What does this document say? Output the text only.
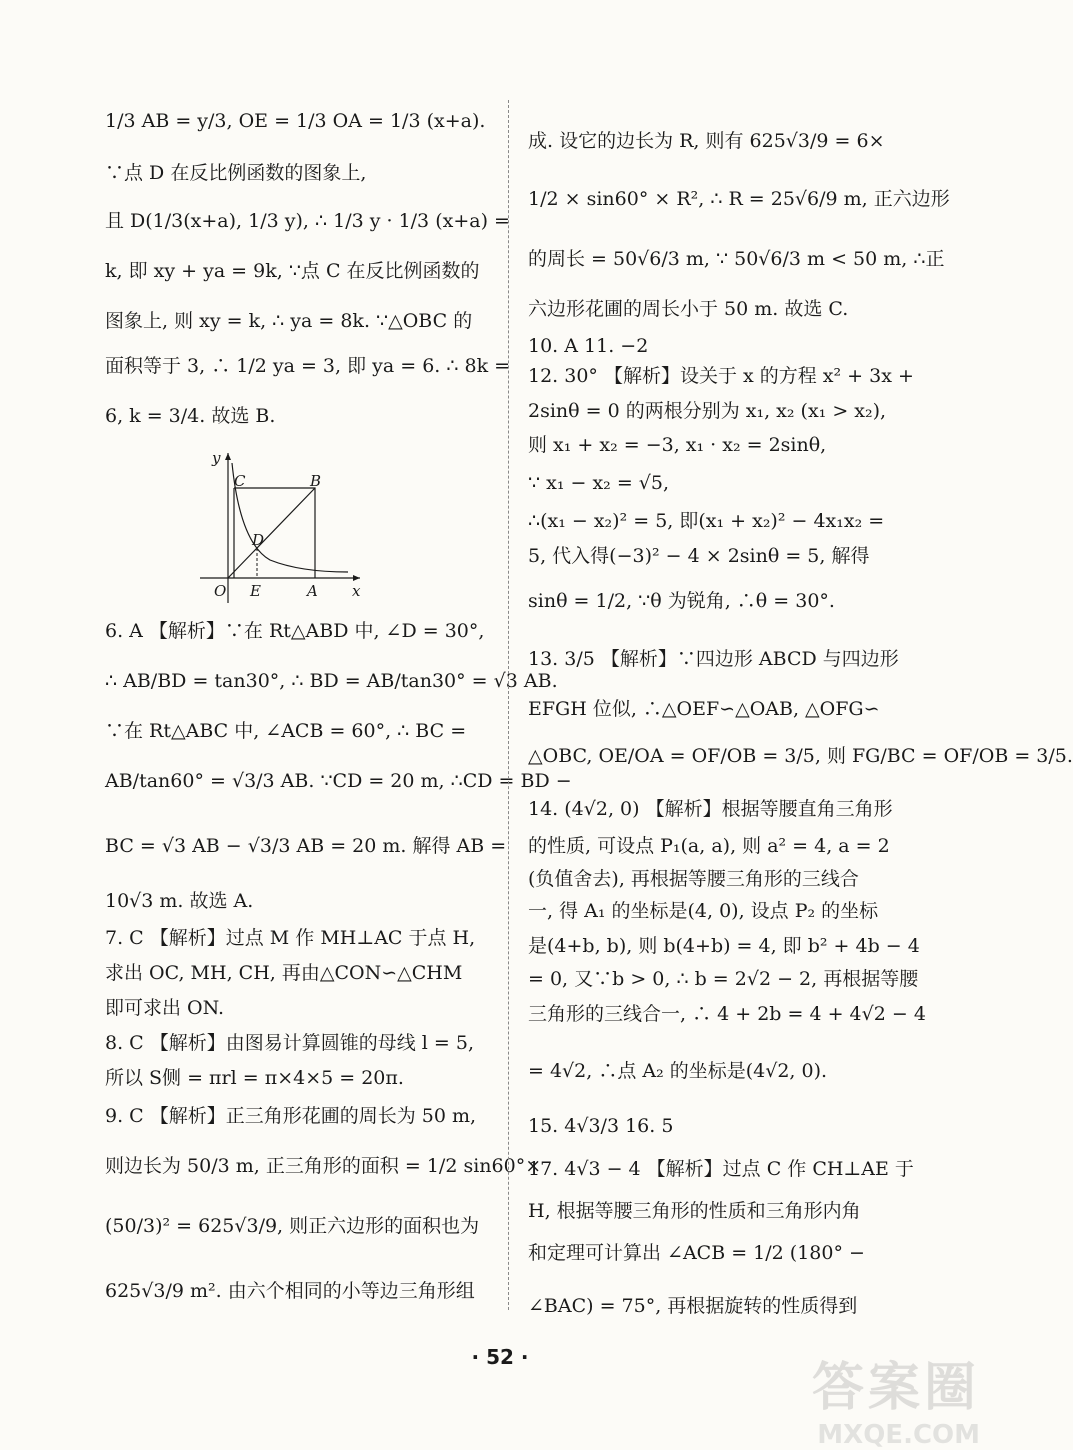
1/3 AB = y/3, OE = 1/3 OA = 1/3 (x+a).
∵点 D 在反比例函数的图象上,
且 D(1/3(x+a), 1/3 y), ∴ 1/3 y · 1/3 (x+a) =
k, 即 xy + ya = 9k, ∵点 C 在反比例函数的
图象上, 则 xy = k, ∴ ya = 8k. ∵△OBC 的
面积等于 3, ∴ 1/2 ya = 3, 即 ya = 6. ∴ 8k =
6, k = 3/4. 故选 B.
6. A 【解析】∵在 Rt△ABD 中, ∠D = 30°,
∴ AB/BD = tan30°, ∴ BD = AB/tan30° = √3 AB.
∵在 Rt△ABC 中, ∠ACB = 60°, ∴ BC =
AB/tan60° = √3/3 AB. ∵CD = 20 m, ∴CD = BD −
BC = √3 AB − √3/3 AB = 20 m. 解得 AB =
10√3 m. 故选 A.
7. C 【解析】过点 M 作 MH⊥AC 于点 H,
求出 OC, MH, CH, 再由△CON∽△CHM
即可求出 ON.
8. C 【解析】由图易计算圆锥的母线 l = 5,
所以 S侧 = πrl = π×4×5 = 20π.
9. C 【解析】正三角形花圃的周长为 50 m,
则边长为 50/3 m, 正三角形的面积 = 1/2 sin60°×
(50/3)² = 625√3/9, 则正六边形的面积也为
625√3/9 m². 由六个相同的小等边三角形组
y
x
O
C	B
D
E	A
成. 设它的边长为 R, 则有 625√3/9 = 6×
1/2 × sin60° × R², ∴ R = 25√6/9 m, 正六边形
的周长 = 50√6/3 m, ∵ 50√6/3 m < 50 m, ∴正
六边形花圃的周长小于 50 m. 故选 C.
10. A 11. −2
12. 30° 【解析】设关于 x 的方程 x² + 3x +
2sinθ = 0 的两根分别为 x₁, x₂ (x₁ > x₂),
则 x₁ + x₂ = −3, x₁ · x₂ = 2sinθ,
∵ x₁ − x₂ = √5,
∴(x₁ − x₂)² = 5, 即(x₁ + x₂)² − 4x₁x₂ =
5, 代入得(−3)² − 4 × 2sinθ = 5, 解得
sinθ = 1/2, ∵θ 为锐角, ∴θ = 30°.
13. 3/5 【解析】∵四边形 ABCD 与四边形
EFGH 位似, ∴△OEF∽△OAB, △OFG∽
△OBC, OE/OA = OF/OB = 3/5, 则 FG/BC = OF/OB = 3/5.
14. (4√2, 0) 【解析】根据等腰直角三角形
的性质, 可设点 P₁(a, a), 则 a² = 4, a = 2
(负值舍去), 再根据等腰三角形的三线合
一, 得 A₁ 的坐标是(4, 0), 设点 P₂ 的坐标
是(4+b, b), 则 b(4+b) = 4, 即 b² + 4b − 4
= 0, 又∵b > 0, ∴ b = 2√2 − 2, 再根据等腰
三角形的三线合一, ∴ 4 + 2b = 4 + 4√2 − 4
= 4√2, ∴点 A₂ 的坐标是(4√2, 0).
15. 4√3/3 16. 5
17. 4√3 − 4 【解析】过点 C 作 CH⊥AE 于
H, 根据等腰三角形的性质和三角形内角
和定理可计算出 ∠ACB = 1/2 (180° −
∠BAC) = 75°, 再根据旋转的性质得到
· 52 ·
答案圈
MXQE.COM
